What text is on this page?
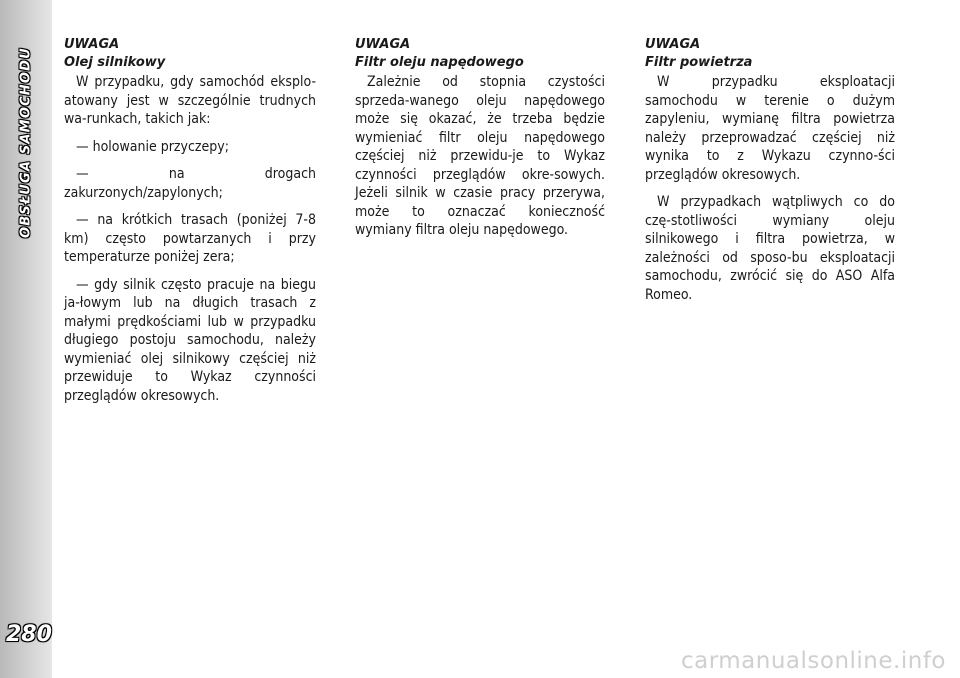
OBSŁUGA SAMOCHODU
280
UWAGA
Olej silnikowy

W przypadku, gdy samochód eksplo-atowany jest w szczególnie trudnych wa-runkach, takich jak:

— holowanie przyczepy;

— na drogach zakurzonych/zapylonych;

— na krótkich trasach (poniżej 7-8 km) często powtarzanych i przy temperaturze poniżej zera;

— gdy silnik często pracuje na biegu ja-łowym lub na długich trasach z małymi prędkościami lub w przypadku długiego postoju samochodu, należy wymieniać olej silnikowy częściej niż przewiduje to Wykaz czynności przeglądów okresowych.

UWAGA
Filtr oleju napędowego

Zależnie od stopnia czystości sprzeda-wanego oleju napędowego może się okazać, że trzeba będzie wymieniać filtr oleju napędowego częściej niż przewidu-je to Wykaz czynności przeglądów okre-sowych. Jeżeli silnik w czasie pracy przerywa, może to oznaczać konieczność wymiany filtra oleju napędowego.

UWAGA
Filtr powietrza

W przypadku eksploatacji samochodu w terenie o dużym zapyleniu, wymianę filtra powietrza należy przeprowadzać częściej niż wynika to z Wykazu czynno-ści przeglądów okresowych.

W przypadkach wątpliwych co do czę-stotliwości wymiany oleju silnikowego i filtra powietrza, w zależności od sposo-bu eksploatacji samochodu, zwrócić się do ASO Alfa Romeo.

carmanualsonline.info
